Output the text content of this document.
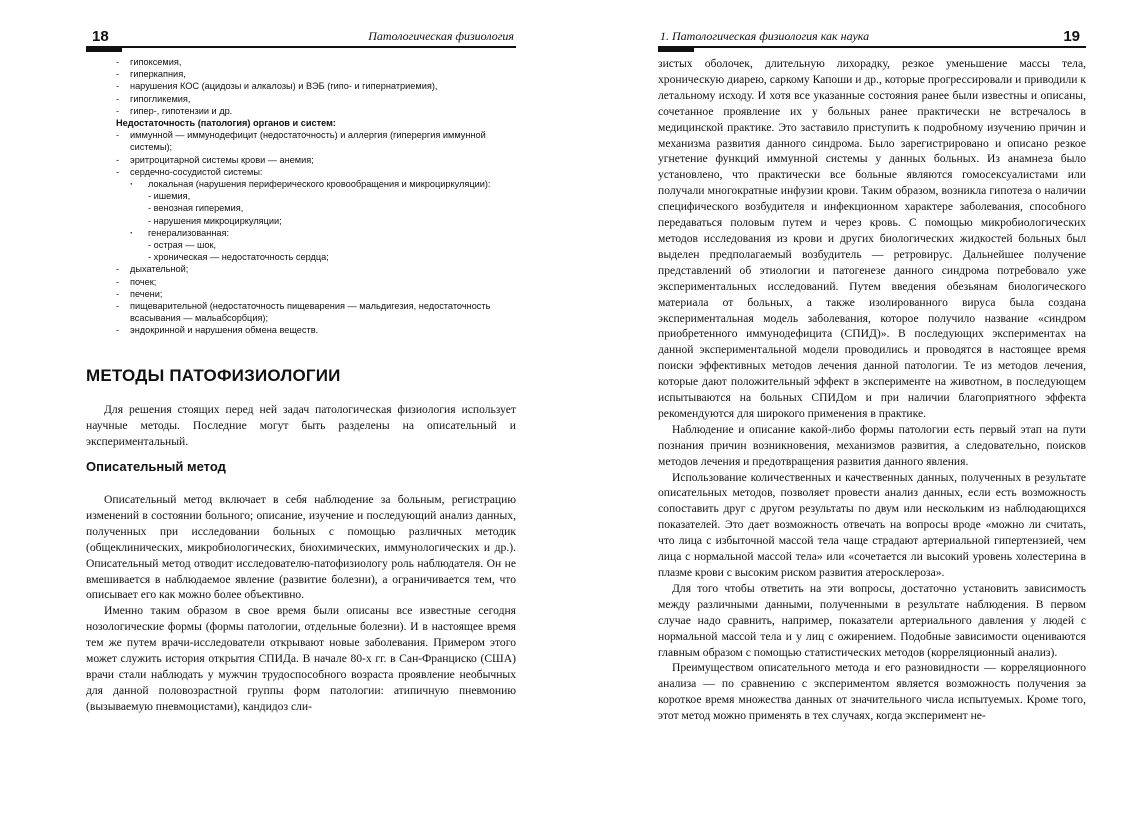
18	Патологическая физиология
- гипоксемия,
- гиперкапния,
- нарушения КОС (ацидозы и алкалозы) и ВЭБ (гипо- и гипернатриемия),
- гипогликемия,
- гипер-, гипотензии и др.
Недостаточность (патология) органов и систем:
- иммунной — иммунодефицит (недостаточность) и аллергия (гиперергия иммунной системы);
- эритроцитарной системы крови — анемия;
- сердечно-сосудистой системы:
· локальная (нарушения периферического кровообращения и микроциркуляции):
- ишемия,
- венозная гиперемия,
- нарушения микроциркуляции;
· генерализованная:
- острая — шок,
- хроническая — недостаточность сердца;
- дыхательной;
- почек;
- печени;
- пищеварительной (недостаточность пищеварения — мальдигезия, недостаточность всасывания — мальабсорбция);
- эндокринной и нарушения обмена веществ.
МЕТОДЫ ПАТОФИЗИОЛОГИИ

Для решения стоящих перед ней задач патологическая физиология использует научные методы. Последние могут быть разделены на описательный и экспериментальный.

Описательный метод

Описательный метод включает в себя наблюдение за больным, регистрацию изменений в состоянии больного; описание, изучение и последующий анализ данных, полученных при исследовании больных с помощью различных методик (общеклинических, микробиологических, биохимических, иммунологических и др.). Описательный метод отводит исследователю-патофизиологу роль наблюдателя. Он не вмешивается в наблюдаемое явление (развитие болезни), а ограничивается тем, что описывает его как можно более объективно.

Именно таким образом в свое время были описаны все известные сегодня нозологические формы (формы патологии, отдельные болезни). И в настоящее время тем же путем врачи-исследователи открывают новые заболевания. Примером этого может служить история открытия СПИДа. В начале 80-х гг. в Сан-Франциско (США) врачи стали наблюдать у мужчин трудоспособного возраста проявление необычных для данной половозрастной группы форм патологии: атипичную пневмонию (вызываемую пневмоцистами), кандидоз сли-

1. Патологическая физиология как наука	19

зистых оболочек, длительную лихорадку, резкое уменьшение массы тела, хроническую диарею, саркому Капоши и др., которые прогрессировали и приводили к летальному исходу. И хотя все указанные состояния ранее были известны и описаны, сочетанное проявление их у больных ранее практически не встречалось в медицинской практике. Это заставило приступить к подробному изучению причин и механизма развития данного синдрома. Было зарегистрировано и описано резкое угнетение функций иммунной системы у данных больных. Из анамнеза было установлено, что практически все больные являются гомосексуалистами или получали многократные инфузии крови. Таким образом, возникла гипотеза о наличии специфического возбудителя и инфекционном характере заболевания, способного передаваться половым путем и через кровь. С помощью микробиологических методов исследования из крови и других биологических жидкостей больных был выделен предполагаемый возбудитель — ретровирус. Дальнейшее получение представлений об этиологии и патогенезе данного синдрома потребовало уже экспериментальных исследований. Путем введения обезьянам биологического материала от больных, а также изолированного вируса была создана экспериментальная модель заболевания, которое получило название «синдром приобретенного иммунодефицита (СПИД)». В последующих экспериментах на данной экспериментальной модели проводились и проводятся в настоящее время поиски эффективных методов лечения данной патологии. Те из методов лечения, которые дают положительный эффект в эксперименте на животном, в последующем испытываются на больных СПИДом и при наличии благоприятного эффекта рекомендуются для широкого применения в практике.

Наблюдение и описание какой-либо формы патологии есть первый этап на пути познания причин возникновения, механизмов развития, а следовательно, поисков методов лечения и предотвращения развития данного явления.

Использование количественных и качественных данных, полученных в результате описательных методов, позволяет провести анализ данных, если есть возможность сопоставить друг с другом результаты по двум или нескольким из наблюдающихся показателей. Это дает возможность отвечать на вопросы вроде «можно ли считать, что лица с избыточной массой тела чаще страдают артериальной гипертензией, чем лица с нормальной массой тела» или «сочетается ли высокий уровень холестерина в плазме крови с высоким риском развития атеросклероза».

Для того чтобы ответить на эти вопросы, достаточно установить зависимость между различными данными, полученными в результате наблюдения. В первом случае надо сравнить, например, показатели артериального давления у людей с нормальной массой тела и у лиц с ожирением. Подобные зависимости оцениваются главным образом с помощью статистических методов (корреляционный анализ).

Преимуществом описательного метода и его разновидности — корреляционного анализа — по сравнению с экспериментом является возможность получения за короткое время множества данных от значительного числа испытуемых. Кроме того, этот метод можно применять в тех случаях, когда эксперимент не-
